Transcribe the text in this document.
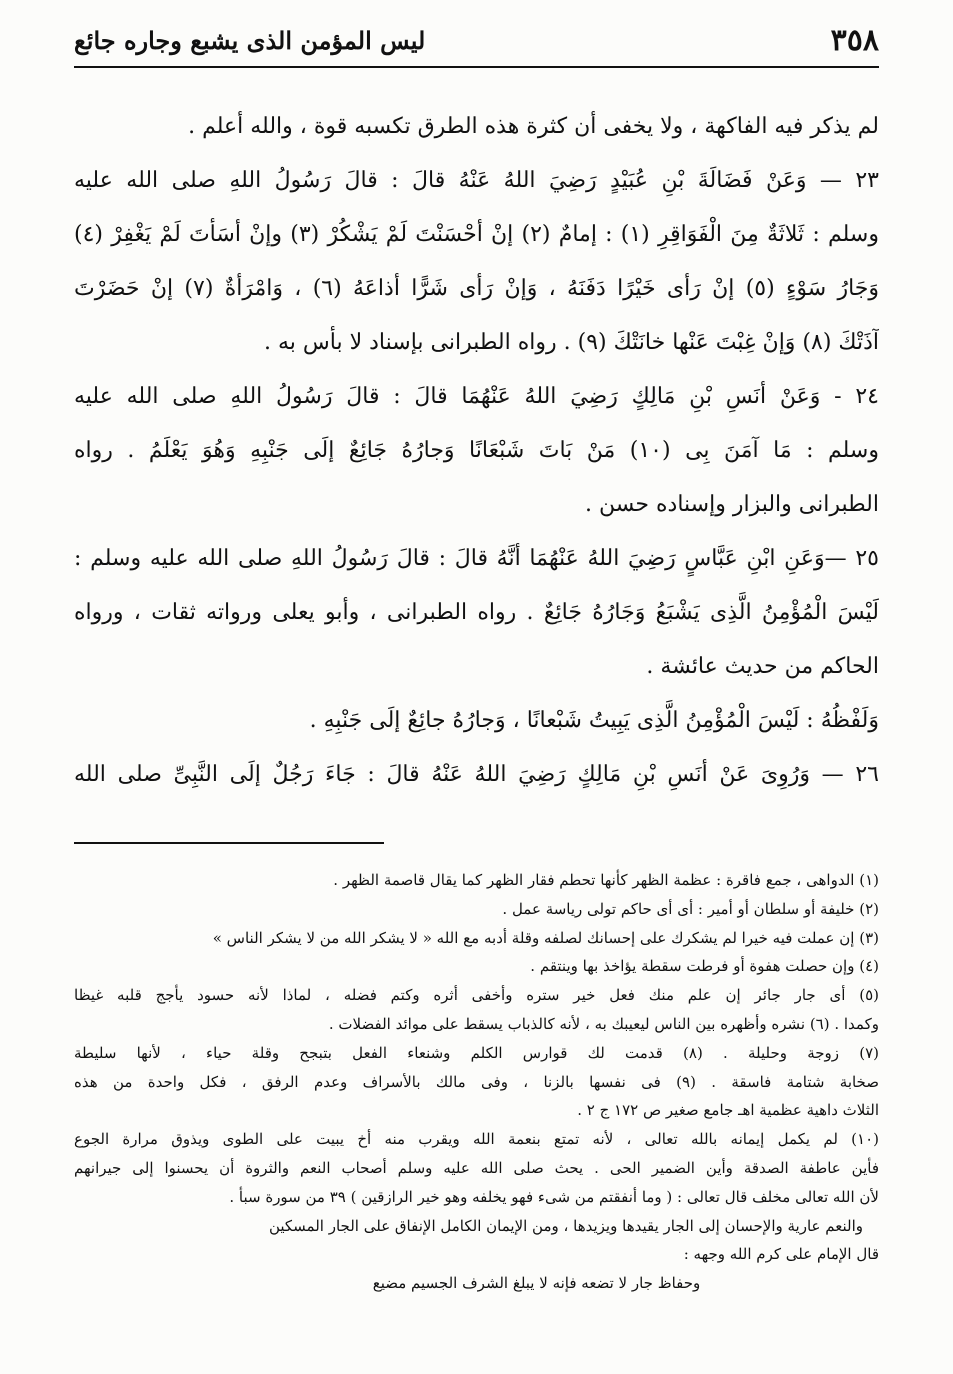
٣٥٨
ليس المؤمن الذى يشبع وجاره جائع
لم يذكر فيه الفاكهة ، ولا يخفى أن كثرة هذه الطرق تكسبه قوة ، والله أعلم .
٢٣ — وَعَنْ فَضَالَةَ بْنِ عُبَيْدٍ رَضِيَ اللهُ عَنْهُ قالَ : قالَ رَسُولُ اللهِ صلى الله عليه
وسلم : ثَلاثَةٌ مِنَ الْفَوَاقِرِ (١) : إمامٌ (٢) إنْ أحْسَنْتَ لَمْ يَشْكُرْ (٣) وإنْ أسَأتَ لَمْ يَغْفِرْ (٤)
وَجَارُ سَوْءٍ (٥) إنْ رَأى خَيْرًا دَفَنَهُ ، وَإنْ رَأى شَرًّا أذاعَهُ (٦) ، وَامْرَأةٌ (٧) إنْ حَضَرْتَ
آذَتْكَ (٨) وَإنْ غِبْتَ عَنْها خانَتْكَ (٩) . رواه الطبرانى بإسناد لا بأس به .
٢٤ - وَعَنْ أنَسِ بْنِ مَالِكٍ رَضِيَ اللهُ عَنْهُمَا قالَ : قالَ رَسُولُ اللهِ صلى الله عليه
وسلم : مَا آمَنَ بِى (١٠) مَنْ بَاتَ شَبْعَانًا وَجارُهُ جَائِعٌ إلَى جَنْبِهِ وَهُوَ يَعْلَمُ . رواه
الطبرانى والبزار وإسناده حسن .
٢٥ —وَعَنِ ابْنِ عَبَّاسٍ رَضِيَ اللهُ عَنْهُمَا أنَّهُ قالَ : قالَ رَسُولُ اللهِ صلى الله عليه وسلم :
لَيْسَ الْمُؤْمِنُ الَّذِى يَشْبَعُ وَجَارُهُ جَائِعٌ . رواه الطبرانى ، وأبو يعلى ورواته ثقات ، ورواه
الحاكم من حديث عائشة .
وَلَفْظُهُ : لَيْسَ الْمُؤْمِنُ الَّذِى يَبِيتُ شَبْعانًا ، وَجارُهُ جائِعٌ إلَى جَنْبِهِ .
٢٦ — وَرُوِىَ عَنْ أنَسِ بْنِ مَالِكٍ رَضِيَ اللهُ عَنْهُ قالَ : جَاءَ رَجُلٌ إلَى النَّبِىِّ صلى الله
(١) الدواهى ، جمع فاقرة : عظمة الظهر كأنها تحطم فقار الظهر كما يقال قاصمة الظهر .
(٢) خليفة أو سلطان أو أمير : أى أى حاكم تولى رياسة عمل .
(٣) إن عملت فيه خيرا لم يشكرك على إحسانك لصلفه وقلة أدبه مع الله « لا يشكر الله من لا يشكر الناس »
(٤) وإن حصلت هفوة أو فرطت سقطة يؤاخذ بها وينتقم .
(٥) أى جار جائر إن علم منك فعل خير ستره وأخفى أثره وكتم فضله ، لماذا لأنه حسود يأجج قلبه غيظا
وكمدا . (٦) نشره وأظهره بين الناس ليعيبك به ، لأنه كالذباب يسقط على موائد الفضلات .
(٧) زوجة وحليلة . (٨) قدمت لك قوارس الكلم وشنعاء الفعل بتبجح وقلة حياء ، لأنها سليطة
صخابة شتامة فاسقة . (٩) فى نفسها بالزنا ، وفى مالك بالأسراف وعدم الرفق ، فكل واحدة من هذه
الثلاث داهية عظمية اهـ جامع صغير ص ١٧٢ ج ٢ .
(١٠) لم يكمل إيمانه بالله تعالى ، لأنه تمتع بنعمة الله ويقرب منه أخ يبيت على الطوى ويذوق مرارة الجوع
فأين عاطفة الصدقة وأين الضمير الحى . يحث صلى الله عليه وسلم أصحاب النعم والثروة أن يحسنوا إلى جيرانهم
لأن الله تعالى مخلف قال تعالى : ( وما أنفقتم من شىء فهو يخلفه وهو خير الرازقين ) ٣٩ من سورة سبأ .
والنعم عارية والإحسان إلى الجار يقيدها ويزيدها ، ومن الإيمان الكامل الإنفاق على الجار المسكين
قال الإمام على كرم الله وجهه :
وحفاظ جار لا تضعه فإنه لا يبلغ الشرف الجسيم مضيع
